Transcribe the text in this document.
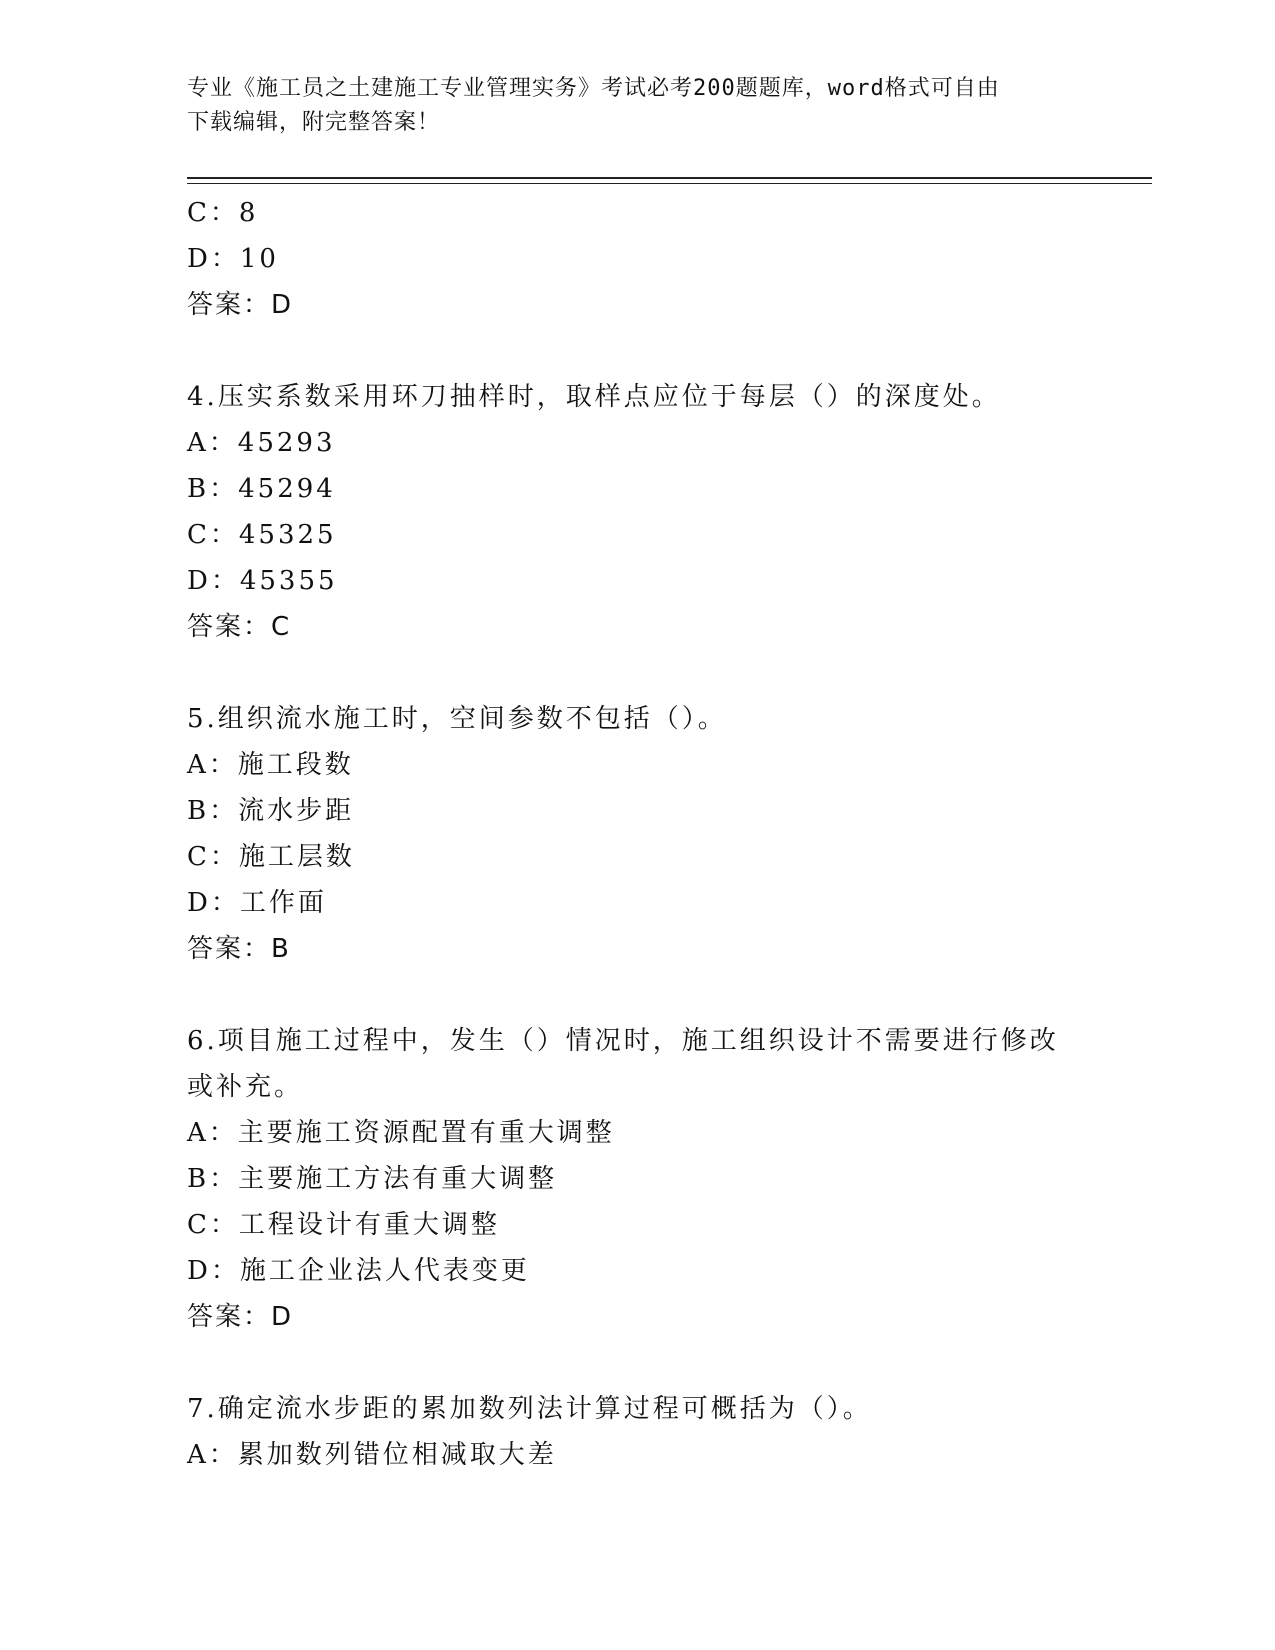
专业《施工员之土建施工专业管理实务》考试必考200题题库，word格式可自由
下载编辑，附完整答案！
C：8
D：10
答案：D
4.压实系数采用环刀抽样时，取样点应位于每层（）的深度处。
A：45293
B：45294
C：45325
D：45355
答案：C
5.组织流水施工时，空间参数不包括（）。
A：施工段数
B：流水步距
C：施工层数
D：工作面
答案：B
6.项目施工过程中，发生（）情况时，施工组织设计不需要进行修改
或补充。
A：主要施工资源配置有重大调整
B：主要施工方法有重大调整
C：工程设计有重大调整
D：施工企业法人代表变更
答案：D
7.确定流水步距的累加数列法计算过程可概括为（）。
A：累加数列错位相减取大差
